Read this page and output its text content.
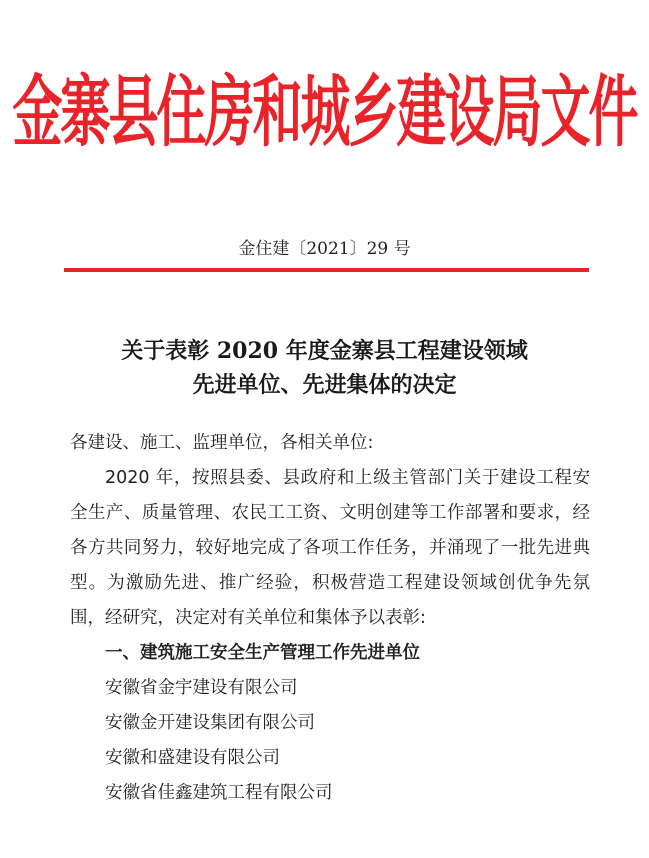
金寨县住房和城乡建设局文件
金住建〔2021〕29 号
关于表彰 2020 年度金寨县工程建设领域
先进单位、先进集体的决定

各建设、施工、监理单位，各相关单位:

2020 年，按照县委、县政府和上级主管部门关于建设工程安全生产、质量管理、农民工工资、文明创建等工作部署和要求，经各方共同努力，较好地完成了各项工作任务，并涌现了一批先进典型。为激励先进、推广经验，积极营造工程建设领域创优争先氛围，经研究，决定对有关单位和集体予以表彰:

一、建筑施工安全生产管理工作先进单位

安徽省金宇建设有限公司

安徽金开建设集团有限公司

安徽和盛建设有限公司

安徽省佳鑫建筑工程有限公司
